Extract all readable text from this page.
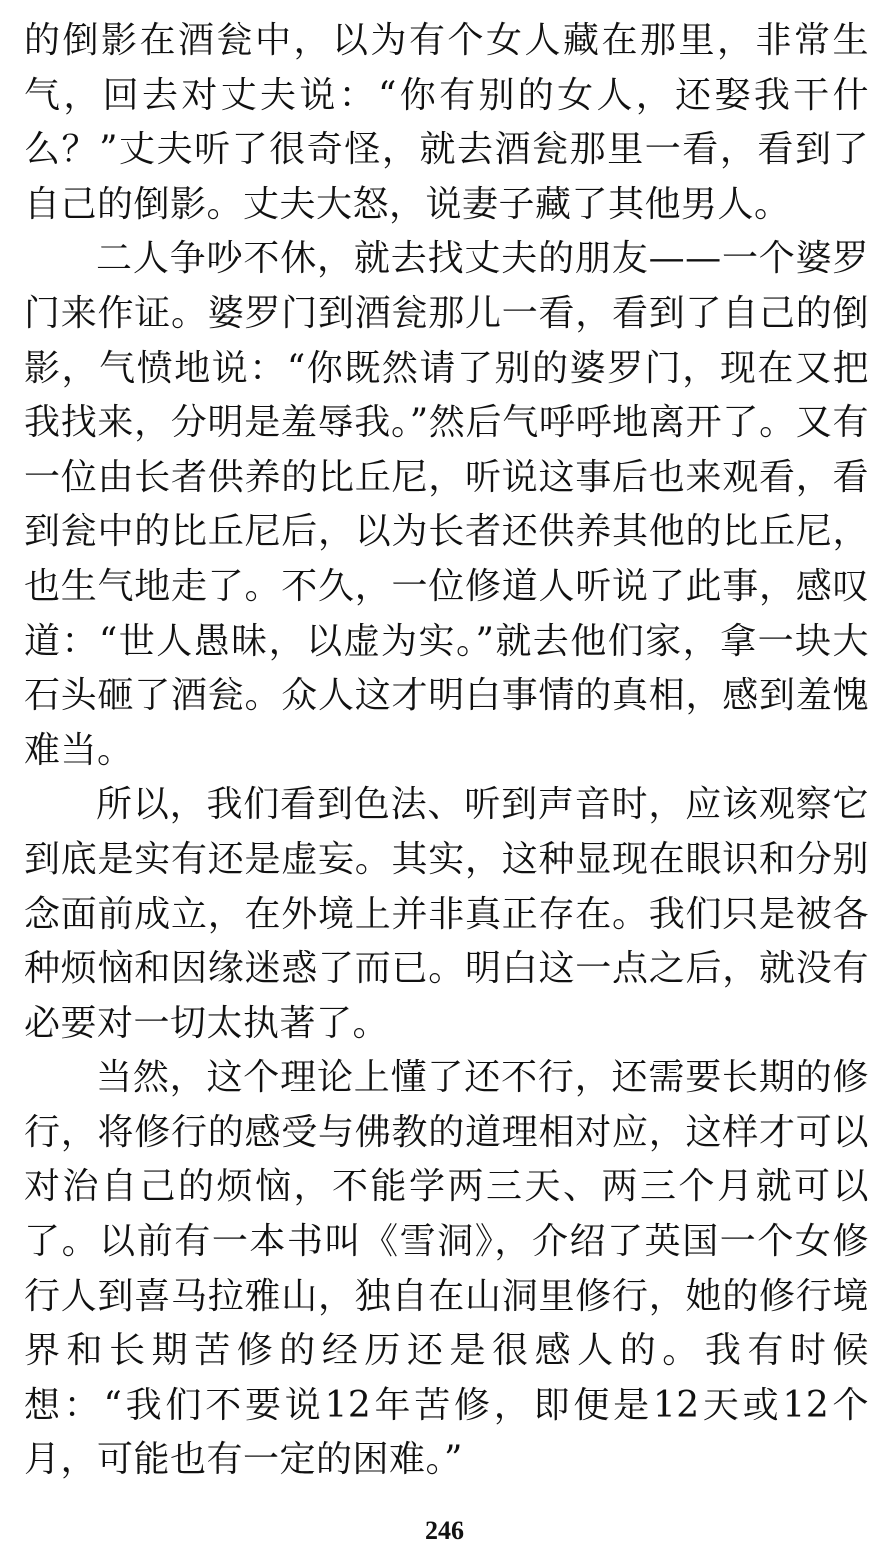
的倒影在酒瓮中，以为有个女人藏在那里，非常生气，回去对丈夫说：“你有别的女人，还娶我干什么？”丈夫听了很奇怪，就去酒瓮那里一看，看到了自己的倒影。丈夫大怒，说妻子藏了其他男人。

二人争吵不休，就去找丈夫的朋友——一个婆罗门来作证。婆罗门到酒瓮那儿一看，看到了自己的倒影，气愤地说：“你既然请了别的婆罗门，现在又把我找来，分明是羞辱我。”然后气呼呼地离开了。又有一位由长者供养的比丘尼，听说这事后也来观看，看到瓮中的比丘尼后，以为长者还供养其他的比丘尼，也生气地走了。不久，一位修道人听说了此事，感叹道：“世人愚昧，以虚为实。”就去他们家，拿一块大石头砸了酒瓮。众人这才明白事情的真相，感到羞愧难当。

所以，我们看到色法、听到声音时，应该观察它到底是实有还是虚妄。其实，这种显现在眼识和分别念面前成立，在外境上并非真正存在。我们只是被各种烦恼和因缘迷惑了而已。明白这一点之后，就没有必要对一切太执著了。

当然，这个理论上懂了还不行，还需要长期的修行，将修行的感受与佛教的道理相对应，这样才可以对治自己的烦恼，不能学两三天、两三个月就可以了。以前有一本书叫《雪洞》，介绍了英国一个女修行人到喜马拉雅山，独自在山洞里修行，她的修行境界和长期苦修的经历还是很感人的。我有时候想：“我们不要说12年苦修，即便是12天或12个月，可能也有一定的困难。”

246
